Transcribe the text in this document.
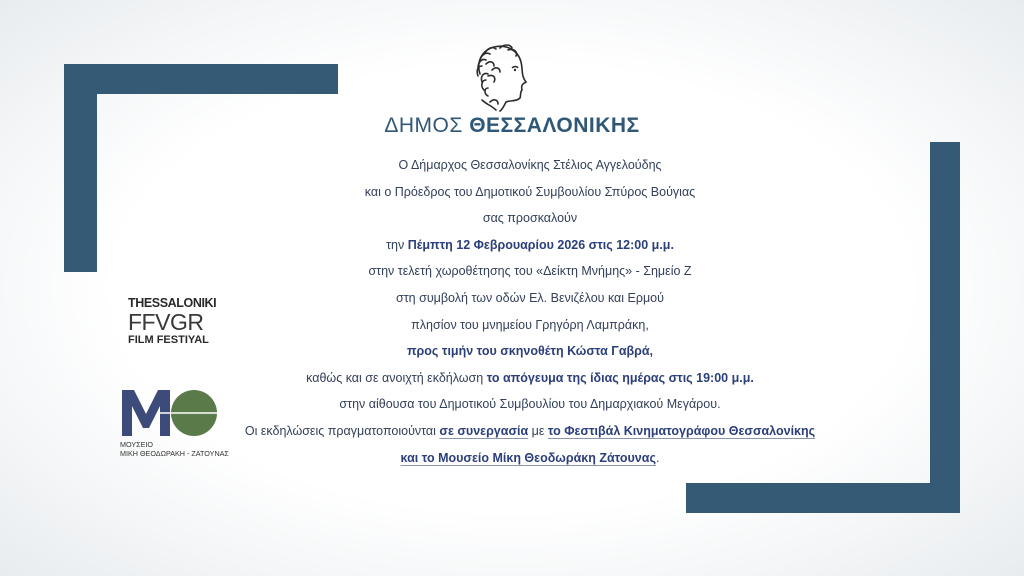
ΔΗΜΟΣ ΘΕΣΣΑΛΟΝΙΚΗΣ
Ο Δήμαρχος Θεσσαλονίκης Στέλιος Αγγελούδης
και ο Πρόεδρος του Δημοτικού Συμβουλίου Σπύρος Βούγιας
σας προσκαλούν
την Πέμπτη 12 Φεβρουαρίου 2026 στις 12:00 μ.μ.
στην τελετή χωροθέτησης του «Δείκτη Μνήμης» - Σημείο Ζ
στη συμβολή των οδών Ελ. Βενιζέλου και Ερμού
πλησίον του μνημείου Γρηγόρη Λαμπράκη,
προς τιμήν του σκηνοθέτη Κώστα Γαβρά,
καθώς και σε ανοιχτή εκδήλωση το απόγευμα της ίδιας ημέρας στις 19:00 μ.μ.
στην αίθουσα του Δημοτικού Συμβουλίου του Δημαρχιακού Μεγάρου.
Οι εκδηλώσεις πραγματοποιούνται σε συνεργασία με το Φεστιβάλ Κινηματογράφου Θεσσαλονίκης
και το Μουσείο Μίκη Θεοδωράκη Ζάτουνας.
THESSALONIKI
FFVGR
FILM FESTIYAL
ΜΟΥΣΕΙΟ
ΜΙΚΗ ΘΕΟΔΩΡΑΚΗ - ΖΑΤΟΥΝΑΣ
